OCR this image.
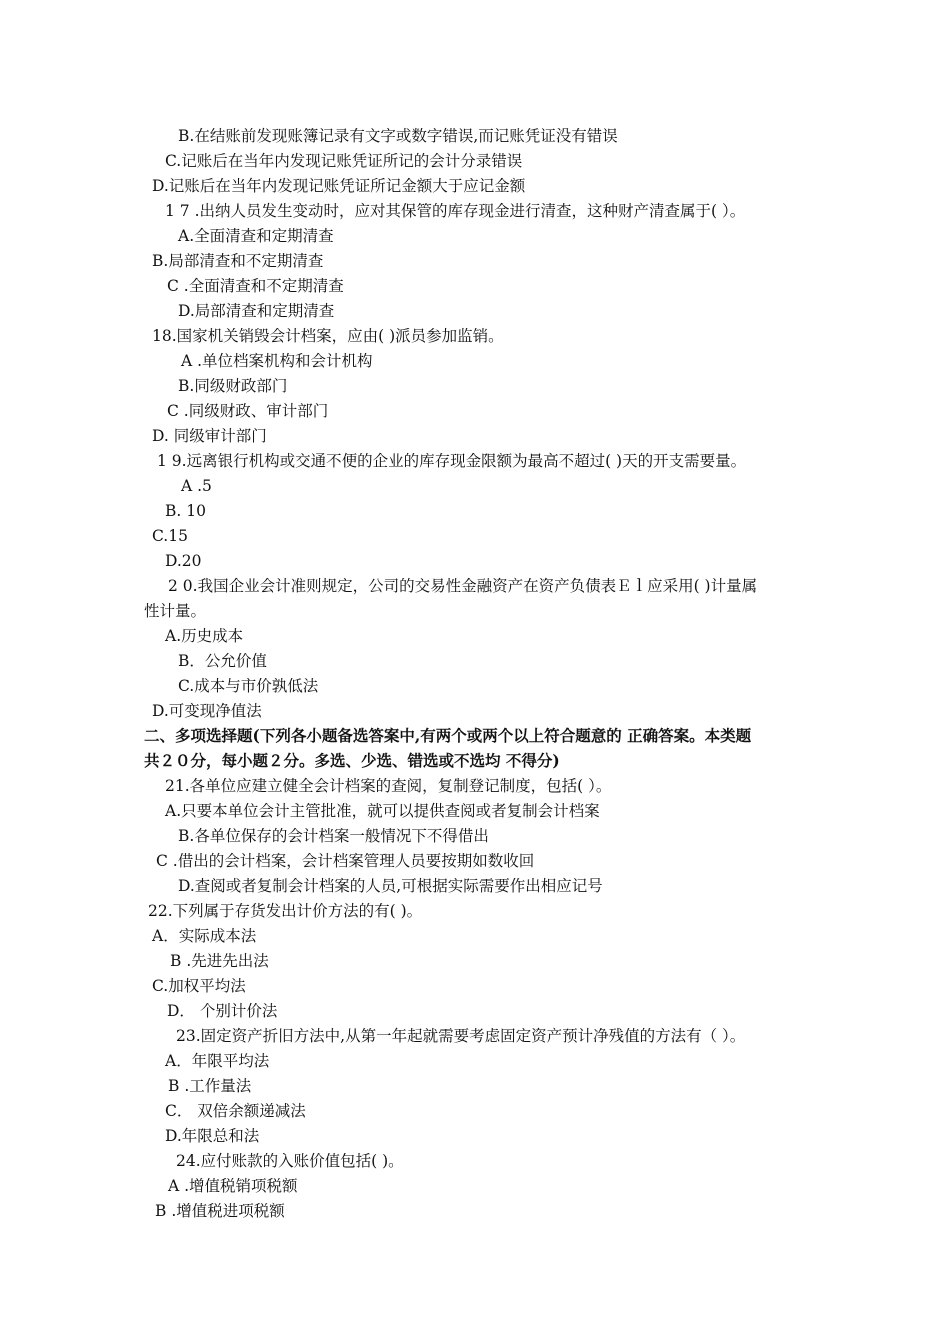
B.在结账前发现账簿记录有文字或数字错误,而记账凭证没有错误
C.记账后在当年内发现记账凭证所记的会计分录错误
D.记账后在当年内发现记账凭证所记金额大于应记金额
1 7 .出纳人员发生变动时，应对其保管的库存现金进行清查，这种财产清查属于( ）。
A.全面清查和定期清查
B.局部清查和不定期清查
C .全面清查和不定期清查
D.局部清查和定期清查
18.国家机关销毁会计档案，应由( )派员参加监销。
A .单位档案机构和会计机构
B.同级财政部门
C .同级财政、审计部门
D. 同级审计部门
1 9.远离银行机构或交通不便的企业的库存现金限额为最高不超过( )天的开支需要量。
A .5
B. 10
C.15
D.20
2 0.我国企业会计准则规定，公司的交易性金融资产在资产负债表Ｅｌ应采用( )计量属
性计量。
A.历史成本
B．公允价值
C.成本与市价孰低法
D.可变现净值法
二、多项选择题(下列各小题备选答案中,有两个或两个以上符合题意的 正确答案。本类题
共２０分，每小题２分。多选、少选、错选或不选均 不得分)
21.各单位应建立健全会计档案的查阅，复制登记制度，包括( ）。
A.只要本单位会计主管批准，就可以提供查阅或者复制会计档案
B.各单位保存的会计档案一般情况下不得借出
C .借出的会计档案，会计档案管理人员要按期如数收回
D.查阅或者复制会计档案的人员,可根据实际需要作出相应记号
22.下列属于存货发出计价方法的有( )。
A．实际成本法
B .先进先出法
C.加权平均法
D． 个别计价法
23.固定资产折旧方法中,从第一年起就需要考虑固定资产预计净残值的方法有（ ）。
A．年限平均法
B .工作量法
C． 双倍余额递减法
D.年限总和法
24.应付账款的入账价值包括( )。
A .增值税销项税额
B .增值税进项税额
